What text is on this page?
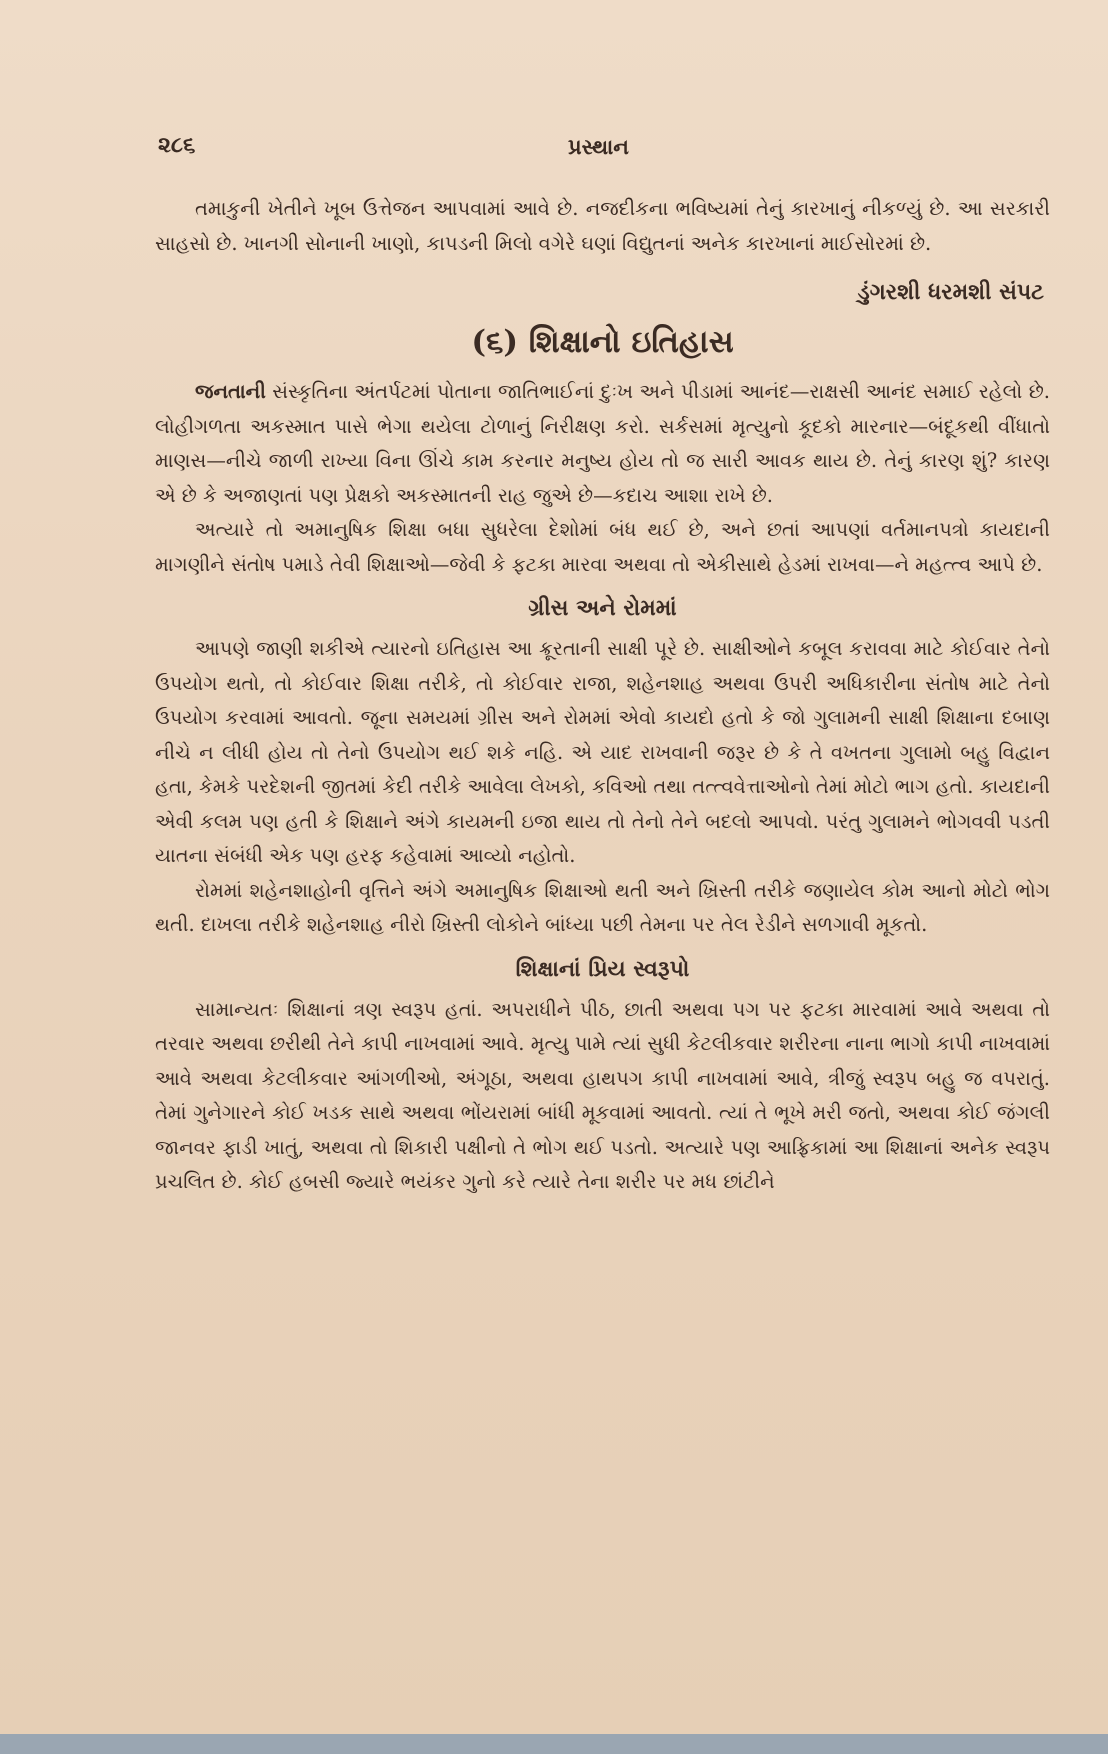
૨૮૬	પ્રસ્થાન

તમાકુની ખેતીને ખૂબ ઉત્તેજન આપવામાં આવે છે. નજદીકના ભવિષ્યમાં તેનું કારખાનું નીકળ્યું છે. આ સરકારી સાહસો છે. ખાનગી સોનાની ખાણો, કાપડની મિલો વગેરે ઘણાં વિદ્યુતનાં અનેક કારખાનાં માઈસોરમાં છે.

ડુંગરશી ધરમશી સંપટ
(૬) શિક્ષાનો ઇતિહાસ

જનતાની સંસ્કૃતિના અંતર્પટમાં પોતાના જાતિભાઈનાં દુઃખ અને પીડામાં આનંદ—રાક્ષસી આનંદ સમાઈ રહેલો છે. લોહીગળતા અકસ્માત પાસે ભેગા થયેલા ટોળાનું નિરીક્ષણ કરો. સર્કસમાં મૃત્યુનો કૂદકો મારનાર—બંદૂકથી વીંધાતો માણસ—નીચે જાળી રાખ્યા વિના ઊંચે કામ કરનાર મનુષ્ય હોય તો જ સારી આવક થાય છે. તેનું કારણ શું? કારણ એ છે કે અજાણતાં પણ પ્રેક્ષકો અકસ્માતની રાહ જુએ છે—કદાચ આશા રાખે છે.

અત્યારે તો અમાનુષિક શિક્ષા બધા સુધરેલા દેશોમાં બંધ થઈ છે, અને છતાં આપણાં વર્તમાનપત્રો કાયદાની માગણીને સંતોષ પમાડે તેવી શિક્ષાઓ—જેવી કે ફટકા મારવા અથવા તો એકીસાથે હેડમાં રાખવા—ને મહત્ત્વ આપે છે.

ગ્રીસ અને રોમમાં

આપણે જાણી શકીએ ત્યારનો ઇતિહાસ આ ક્રૂરતાની સાક્ષી પૂરે છે. સાક્ષીઓને કબૂલ કરાવવા માટે કોઈવાર તેનો ઉપયોગ થતો, તો કોઈવાર શિક્ષા તરીકે, તો કોઈવાર રાજા, શહેનશાહ અથવા ઉપરી અધિકારીના સંતોષ માટે તેનો ઉપયોગ કરવામાં આવતો. જૂના સમયમાં ગ્રીસ અને રોમમાં એવો કાયદો હતો કે જો ગુલામની સાક્ષી શિક્ષાના દબાણ નીચે ન લીધી હોય તો તેનો ઉપયોગ થઈ શકે નહિ. એ યાદ રાખવાની જરૂર છે કે તે વખતના ગુલામો બહુ વિદ્વાન હતા, કેમકે પરદેશની જીતમાં કેદી તરીકે આવેલા લેખકો, કવિઓ તથા તત્ત્વવેત્તાઓનો તેમાં મોટો ભાગ હતો. કાયદાની એવી કલમ પણ હતી કે શિક્ષાને અંગે કાયમની ઇજા થાય તો તેનો તેને બદલો આપવો. પરંતુ ગુલામને ભોગવવી પડતી યાતના સંબંધી એક પણ હરફ કહેવામાં આવ્યો નહોતો.

રોમમાં શહેનશાહોની વૃત્તિને અંગે અમાનુષિક શિક્ષાઓ થતી અને ખ્રિસ્તી તરીકે જણાયેલ કોમ આનો મોટો ભોગ થતી. દાખલા તરીકે શહેનશાહ નીરો ખ્રિસ્તી લોકોને બાંધ્યા પછી તેમના પર તેલ રેડીને સળગાવી મૂકતો.

શિક્ષાનાં પ્રિય સ્વરૂપો

સામાન્યતઃ શિક્ષાનાં ત્રણ સ્વરૂપ હતાં. અપરાધીને પીઠ, છાતી અથવા પગ પર ફટકા મારવામાં આવે અથવા તો તરવાર અથવા છરીથી તેને કાપી નાખવામાં આવે. મૃત્યુ પામે ત્યાં સુધી કેટલીકવાર શરીરના નાના ભાગો કાપી નાખવામાં આવે અથવા કેટલીકવાર આંગળીઓ, અંગૂઠા, અથવા હાથપગ કાપી નાખવામાં આવે, ત્રીજું સ્વરૂપ બહુ જ વપરાતું. તેમાં ગુનેગારને કોઈ ખડક સાથે અથવા ભોંયરામાં બાંધી મૂકવામાં આવતો. ત્યાં તે ભૂખે મરી જતો, અથવા કોઈ જંગલી જાનવર ફાડી ખાતું, અથવા તો શિકારી પક્ષીનો તે ભોગ થઈ પડતો. અત્યારે પણ આફ્રિકામાં આ શિક્ષાનાં અનેક સ્વરૂપ પ્રચલિત છે. કોઈ હબસી જ્યારે ભયંકર ગુનો કરે ત્યારે તેના શરીર પર મધ છાંટીને
